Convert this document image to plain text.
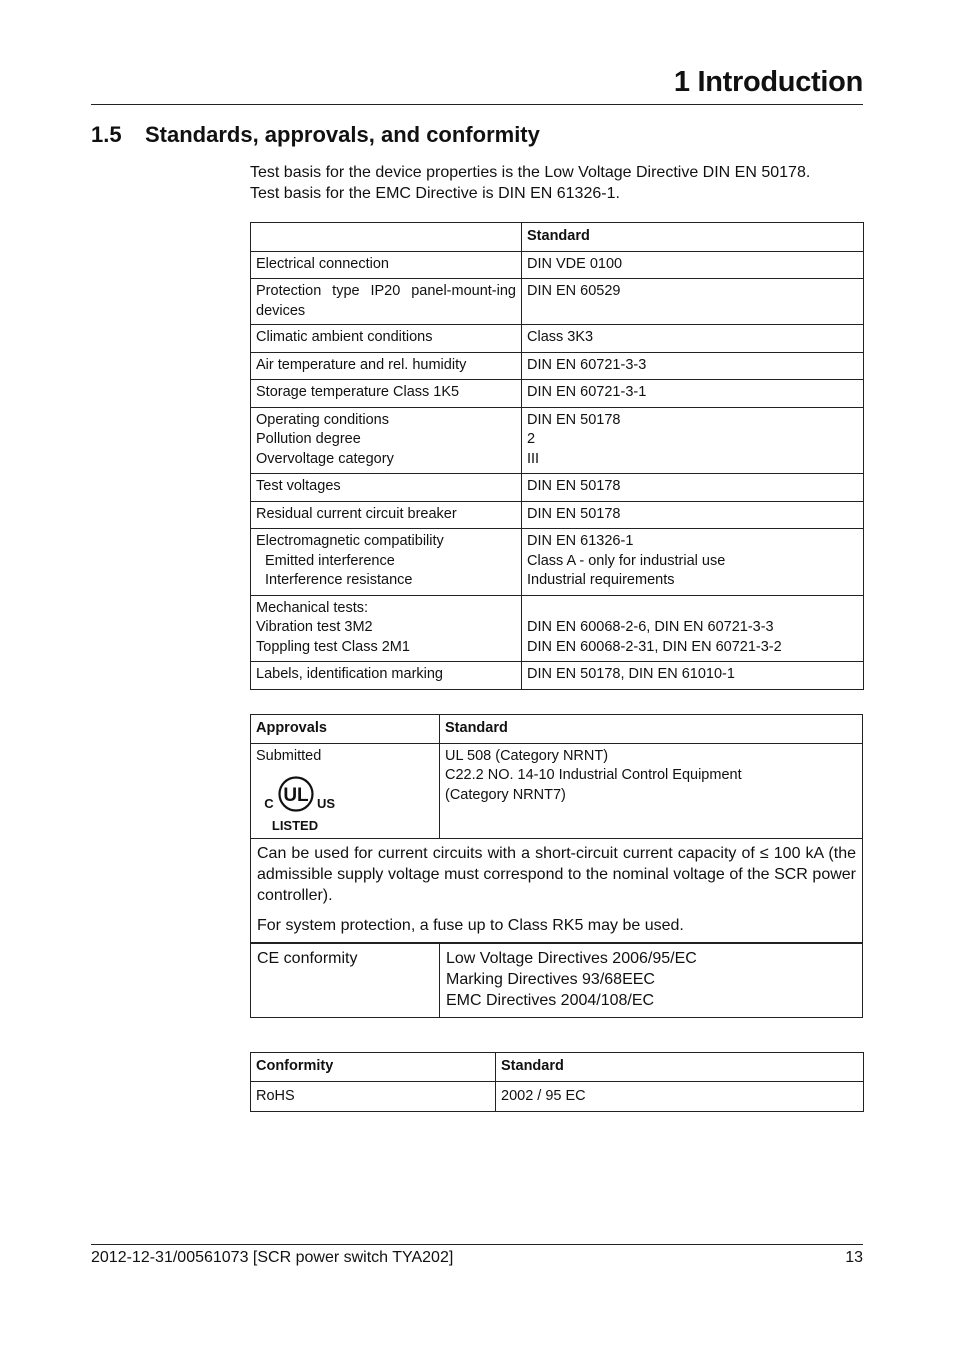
1 Introduction
1.5 Standards, approvals, and conformity

Test basis for the device properties is the Low Voltage Directive DIN EN 50178.

Test basis for the EMC Directive is DIN EN 61326-1.

	Standard

Electrical connection	DIN VDE 0100

Protection type IP20 panel-mount-ing devices	DIN EN 60529

Climatic ambient conditions	Class 3K3

Air temperature and rel. humidity	DIN EN 60721-3-3

Storage temperature Class 1K5	DIN EN 60721-3-1

Operating conditions
Pollution degree
Overvoltage category	DIN EN 50178
2
III

Test voltages	DIN EN 50178

Residual current circuit breaker	DIN EN 50178

Electromagnetic compatibility
Emitted interference
Interference resistance	DIN EN 61326-1
Class A - only for industrial use
Industrial requirements

Mechanical tests:
Vibration test 3M2
Toppling test Class 2M1	DIN EN 60068-2-6, DIN EN 60721-3-3
DIN EN 60068-2-31, DIN EN 60721-3-2

Labels, identification marking	DIN EN 50178, DIN EN 61010-1
Approvals	Standard

Submitted
UL
C US
LISTED	UL 508 (Category NRNT)
C22.2 NO. 14-10 Industrial Control Equipment
(Category NRNT7)

Can be used for current circuits with a short-circuit current capacity of ≤ 100 kA (the admissible supply voltage must correspond to the nominal voltage of the SCR power controller).

For system protection, a fuse up to Class RK5 may be used.	

CE conformity	Low Voltage Directives 2006/95/EC
Marking Directives 93/68EEC
EMC Directives 2004/108/EC
Conformity	Standard
RoHS	2002 / 95 EC
2012-12-31/00561073 [SCR power switch TYA202]	13
